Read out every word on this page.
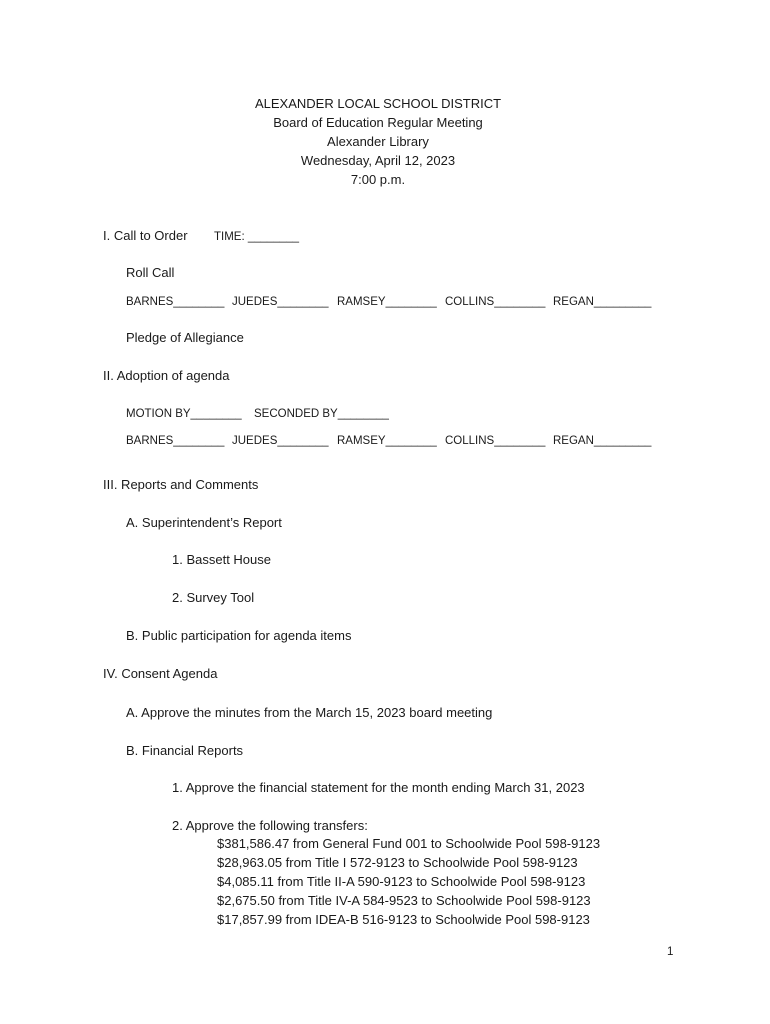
ALEXANDER LOCAL SCHOOL DISTRICT
Board of Education Regular Meeting
Alexander Library
Wednesday, April 12, 2023
7:00 p.m.
I. Call to Order TIME: ________
Roll Call
BARNES________ JUEDES________ RAMSEY________ COLLINS________ REGAN_________
Pledge of Allegiance
II. Adoption of agenda
MOTION BY________ SECONDED BY________
BARNES________ JUEDES________ RAMSEY________ COLLINS________ REGAN_________
III. Reports and Comments
A. Superintendent’s Report
1. Bassett House
2. Survey Tool
B. Public participation for agenda items
IV. Consent Agenda
A. Approve the minutes from the March 15, 2023 board meeting
B. Financial Reports
1. Approve the financial statement for the month ending March 31, 2023
2. Approve the following transfers:
$381,586.47 from General Fund 001 to Schoolwide Pool 598-9123
$28,963.05 from Title I 572-9123 to Schoolwide Pool 598-9123
$4,085.11 from Title II-A 590-9123 to Schoolwide Pool 598-9123
$2,675.50 from Title IV-A 584-9523 to Schoolwide Pool 598-9123
$17,857.99 from IDEA-B 516-9123 to Schoolwide Pool 598-9123
1
